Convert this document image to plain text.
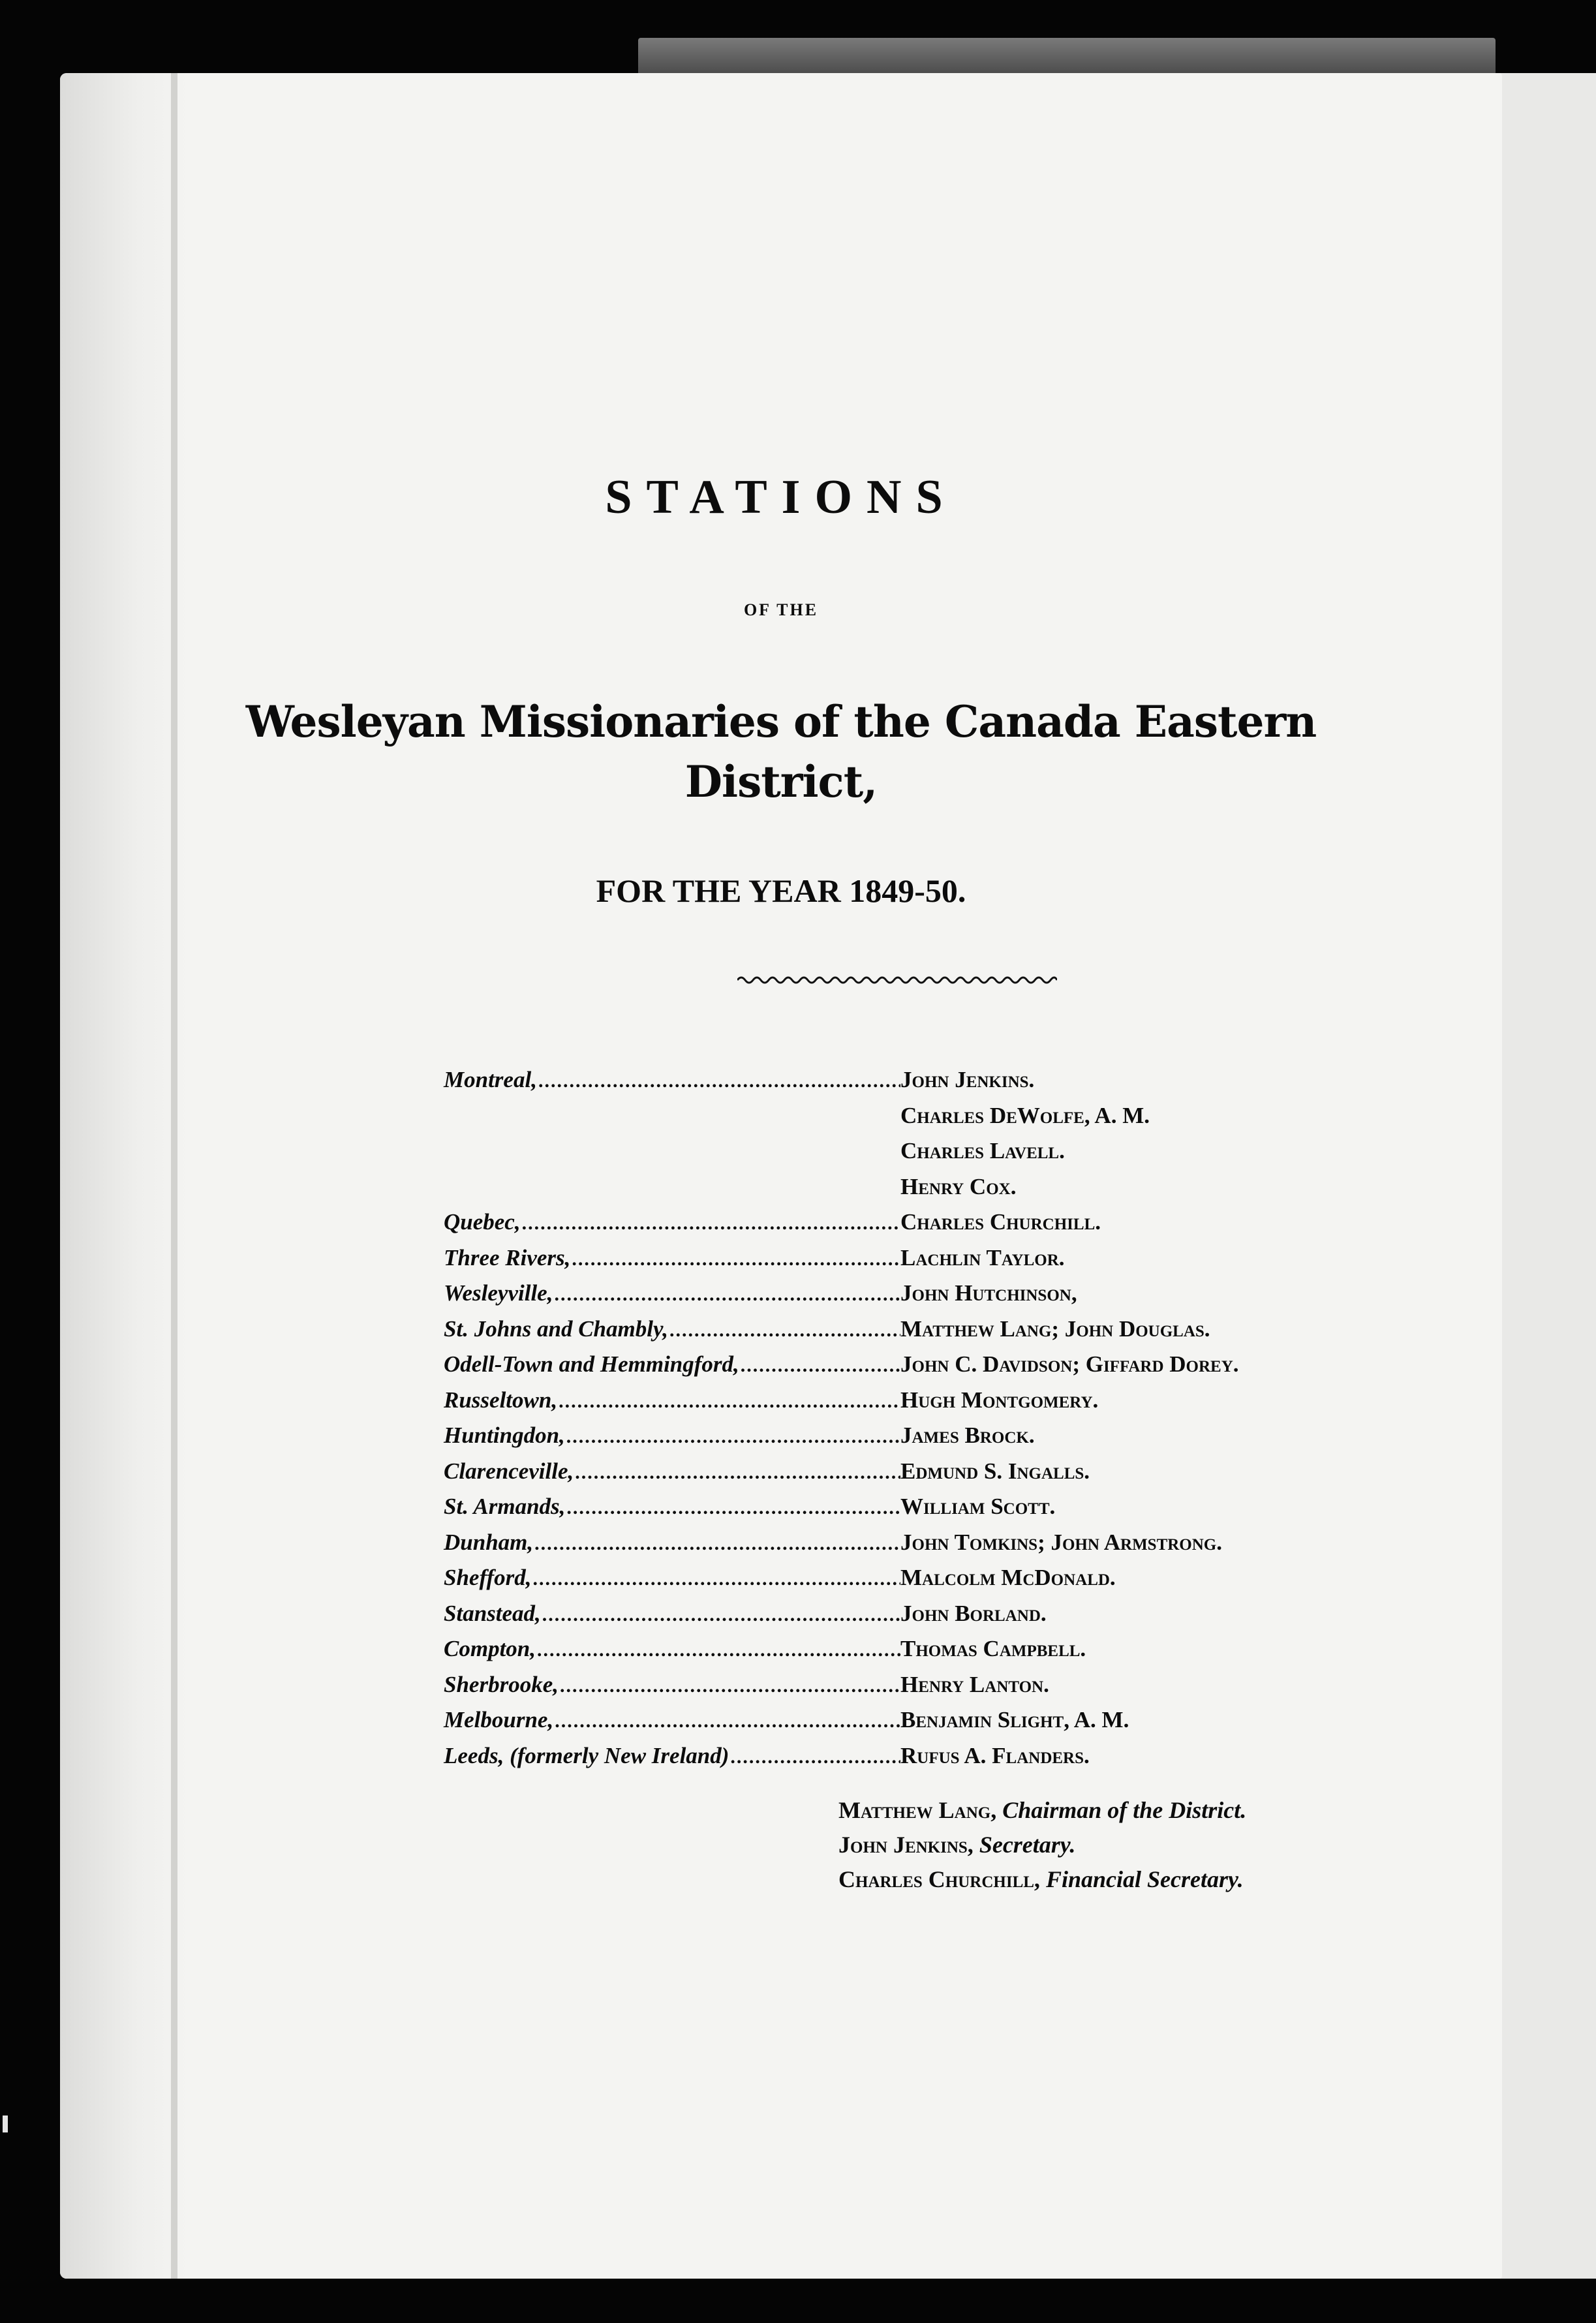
STATIONS
OF THE
Wesleyan Missionaries of the Canada Eastern
District,
FOR THE YEAR 1849-50.
Montreal, .....	John Jenkins.
Charles DeWolfe, A. M.
Charles Lavell.
Henry Cox.
Quebec, .....	Charles Churchill.
Three Rivers, .....	Lachlin Taylor.
Wesleyville, .....	John Hutchinson,
St. Johns and Chambly, .....	Matthew Lang; John Douglas.
Odell-Town and Hemmingford, .....	John C. Davidson; Giffard Dorey.
Russeltown, .....	Hugh Montgomery.
Huntingdon, .....	James Brock.
Clarenceville, .....	Edmund S. Ingalls.
St. Armands, .....	William Scott.
Dunham, .....	John Tomkins; John Armstrong.
Shefford, .....	Malcolm McDonald.
Stanstead, .....	John Borland.
Compton, .....	Thomas Campbell.
Sherbrooke, .....	Henry Lanton.
Melbourne, .....	Benjamin Slight, A. M.
Leeds, (formerly New Ireland) .....	Rufus A. Flanders.
Matthew Lang, Chairman of the District.
John Jenkins, Secretary.
Charles Churchill, Financial Secretary.
